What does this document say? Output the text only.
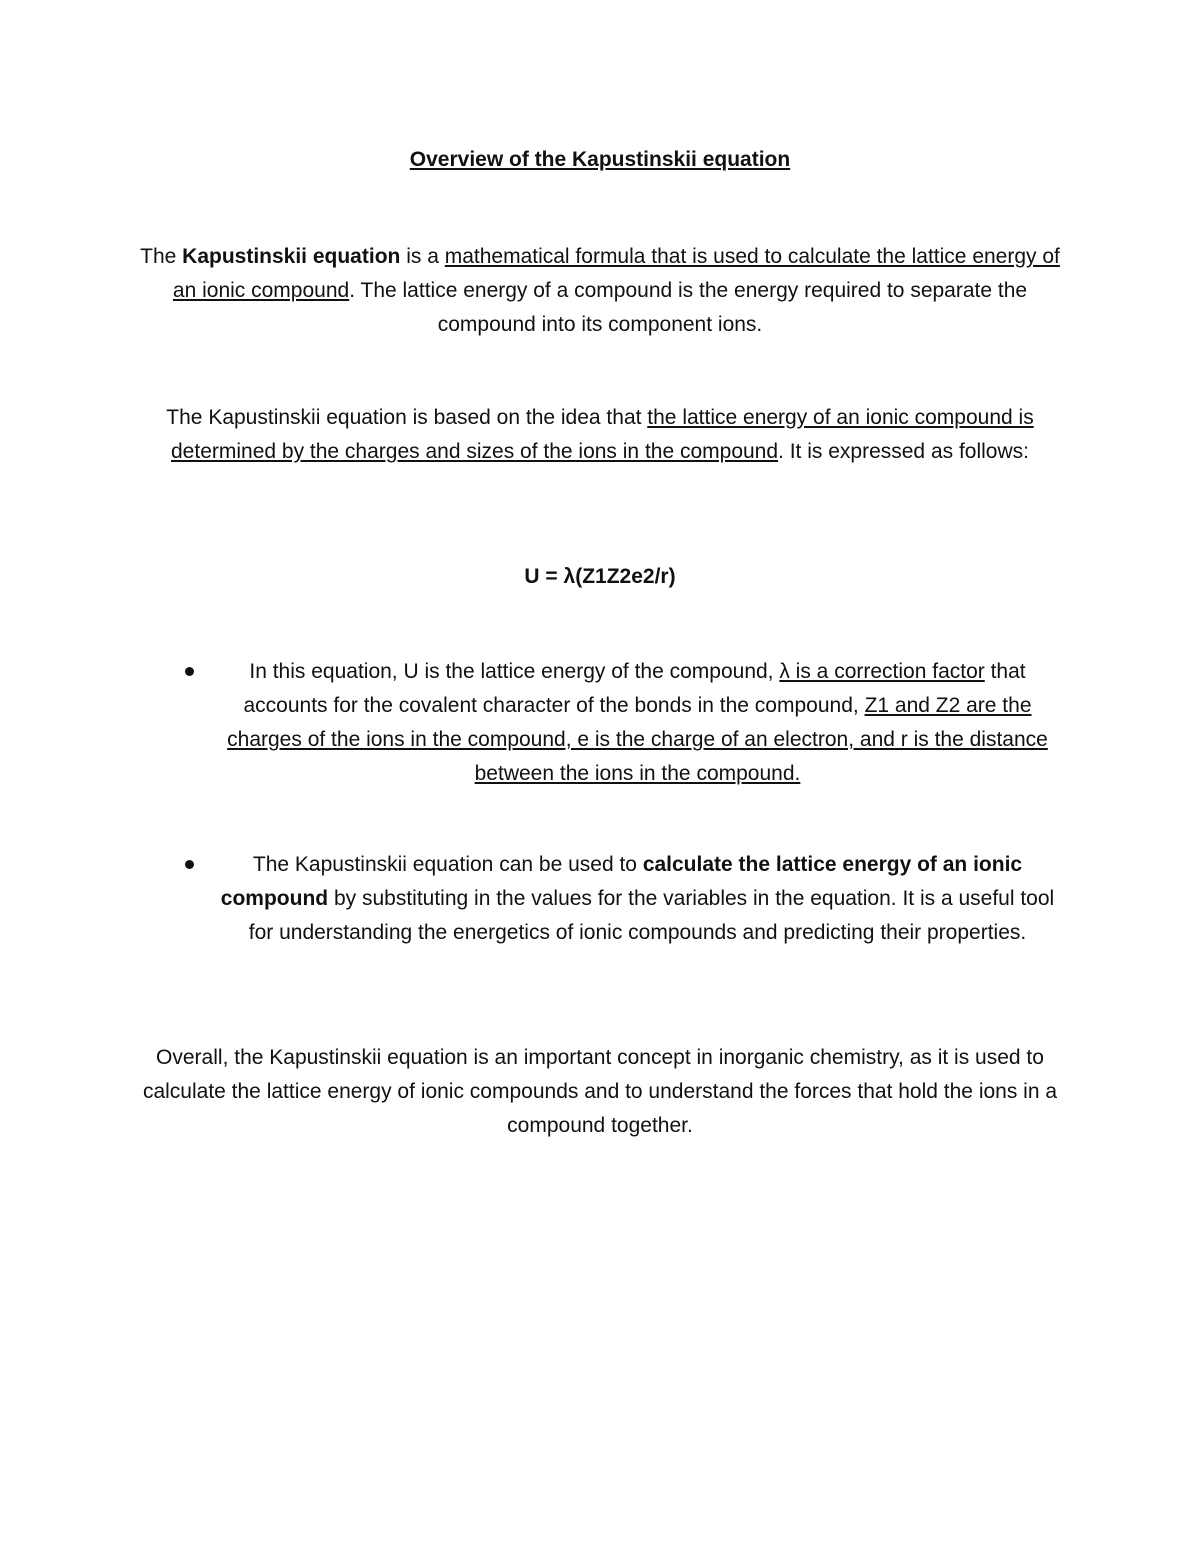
Overview of the Kapustinskii equation

The Kapustinskii equation is a mathematical formula that is used to calculate the lattice energy of an ionic compound. The lattice energy of a compound is the energy required to separate the compound into its component ions.

The Kapustinskii equation is based on the idea that the lattice energy of an ionic compound is determined by the charges and sizes of the ions in the compound. It is expressed as follows:

U = λ(Z1Z2e2/r)

In this equation, U is the lattice energy of the compound, λ is a correction factor that accounts for the covalent character of the bonds in the compound, Z1 and Z2 are the charges of the ions in the compound, e is the charge of an electron, and r is the distance between the ions in the compound.

The Kapustinskii equation can be used to calculate the lattice energy of an ionic compound by substituting in the values for the variables in the equation. It is a useful tool for understanding the energetics of ionic compounds and predicting their properties.

Overall, the Kapustinskii equation is an important concept in inorganic chemistry, as it is used to calculate the lattice energy of ionic compounds and to understand the forces that hold the ions in a compound together.
